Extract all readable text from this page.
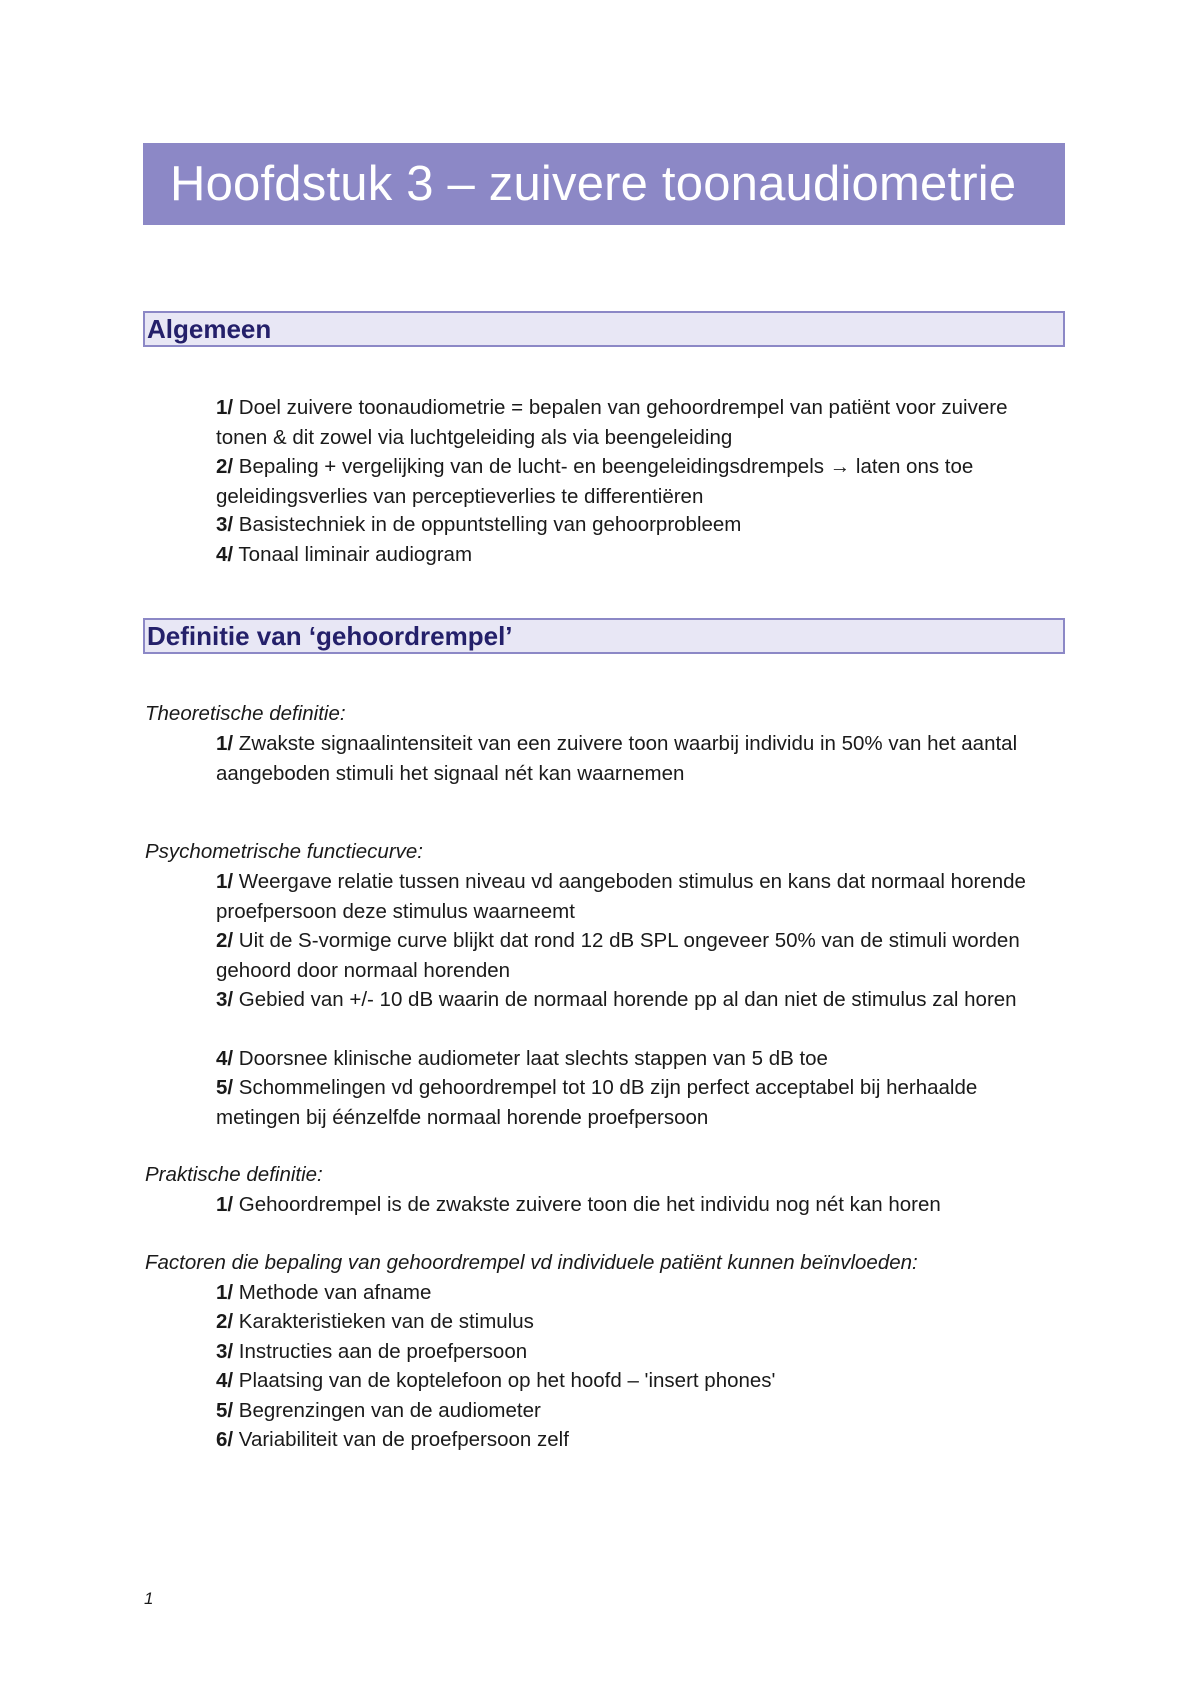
Hoofdstuk 3 – zuivere toonaudiometrie
Algemeen
1/ Doel zuivere toonaudiometrie = bepalen van gehoordrempel van patiënt voor zuivere tonen & dit zowel via luchtgeleiding als via beengeleiding
2/ Bepaling + vergelijking van de lucht- en beengeleidingsdrempels → laten ons toe geleidingsverlies van perceptieverlies te differentiëren
3/ Basistechniek in de oppuntstelling van gehoorprobleem
4/ Tonaal liminair audiogram
Definitie van ‘gehoordrempel’
Theoretische definitie:
1/ Zwakste signaalintensiteit van een zuivere toon waarbij individu in 50% van het aantal aangeboden stimuli het signaal nét kan waarnemen
Psychometrische functiecurve:
1/ Weergave relatie tussen niveau vd aangeboden stimulus en kans dat normaal horende proefpersoon deze stimulus waarneemt
2/ Uit de S-vormige curve blijkt dat rond 12 dB SPL ongeveer 50% van de stimuli worden gehoord door normaal horenden
3/ Gebied van +/- 10 dB waarin de normaal horende pp al dan niet de stimulus zal horen
4/ Doorsnee klinische audiometer laat slechts stappen van 5 dB toe
5/ Schommelingen vd gehoordrempel tot 10 dB zijn perfect acceptabel bij herhaalde metingen bij éénzelfde normaal horende proefpersoon
Praktische definitie:
1/ Gehoordrempel is de zwakste zuivere toon die het individu nog nét kan horen
Factoren die bepaling van gehoordrempel vd individuele patiënt kunnen beïnvloeden:
1/ Methode van afname
2/ Karakteristieken van de stimulus
3/ Instructies aan de proefpersoon
4/ Plaatsing van de koptelefoon op het hoofd – 'insert phones'
5/ Begrenzingen van de audiometer
6/ Variabiliteit van de proefpersoon zelf
1
